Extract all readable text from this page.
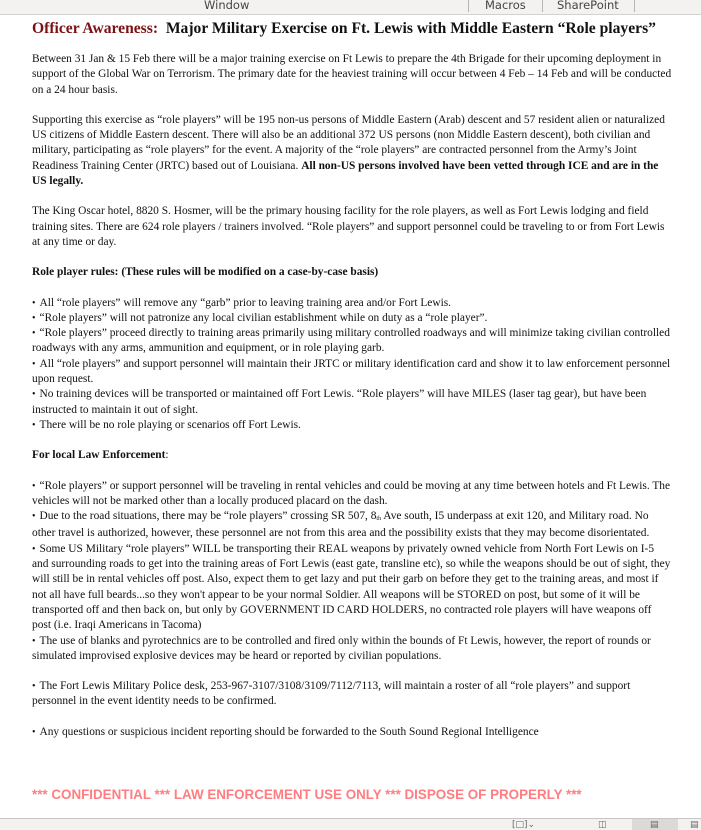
Window	Macros	SharePoint
Officer Awareness: Major Military Exercise on Ft. Lewis with Middle Eastern “Role players”

Between 31 Jan & 15 Feb there will be a major training exercise on Ft Lewis to prepare the 4th Brigade for their upcoming deployment in support of the Global War on Terrorism. The primary date for the heaviest training will occur between 4 Feb – 14 Feb and will be conducted on a 24 hour basis.

Supporting this exercise as “role players” will be 195 non-us persons of Middle Eastern (Arab) descent and 57 resident alien or naturalized US citizens of Middle Eastern descent. There will also be an additional 372 US persons (non Middle Eastern descent), both civilian and military, participating as “role players” for the event. A majority of the “role players” are contracted personnel from the Army’s Joint Readiness Training Center (JRTC) based out of Louisiana. All non-US persons involved have been vetted through ICE and are in the US legally.

The King Oscar hotel, 8820 S. Hosmer, will be the primary housing facility for the role players, as well as Fort Lewis lodging and field training sites. There are 624 role players / trainers involved. “Role players” and support personnel could be traveling to or from Fort Lewis at any time or day.

Role player rules: (These rules will be modified on a case-by-case basis)

• All “role players” will remove any “garb” prior to leaving training area and/or Fort Lewis.

• “Role players” will not patronize any local civilian establishment while on duty as a “role player”.

• “Role players” proceed directly to training areas primarily using military controlled roadways and will minimize taking civilian controlled roadways with any arms, ammunition and equipment, or in role playing garb.

• All “role players” and support personnel will maintain their JRTC or military identification card and show it to law enforcement personnel upon request.

• No training devices will be transported or maintained off Fort Lewis. “Role players” will have MILES (laser tag gear), but have been instructed to maintain it out of sight.

• There will be no role playing or scenarios off Fort Lewis.

For local Law Enforcement:

• “Role players” or support personnel will be traveling in rental vehicles and could be moving at any time between hotels and Ft Lewis. The vehicles will not be marked other than a locally produced placard on the dash.

• Due to the road situations, there may be “role players” crossing SR 507, 8th Ave south, I5 underpass at exit 120, and Military road. No other travel is authorized, however, these personnel are not from this area and the possibility exists that they may become disorientated.

• Some US Military “role players” WILL be transporting their REAL weapons by privately owned vehicle from North Fort Lewis on I-5 and surrounding roads to get into the training areas of Fort Lewis (east gate, transline etc), so while the weapons should be out of sight, they will still be in rental vehicles off post. Also, expect them to get lazy and put their garb on before they get to the training areas, and most if not all have full beards...so they won't appear to be your normal Soldier. All weapons will be STORED on post, but some of it will be transported off and then back on, but only by GOVERNMENT ID CARD HOLDERS, no contracted role players will have weapons off post (i.e. Iraqi Americans in Tacoma)

• The use of blanks and pyrotechnics are to be controlled and fired only within the bounds of Ft Lewis, however, the report of rounds or simulated improvised explosive devices may be heard or reported by civilian populations.

• The Fort Lewis Military Police desk, 253-967-3107/3108/3109/7112/7113, will maintain a roster of all “role players” and support personnel in the event identity needs to be confirmed.

• Any questions or suspicious incident reporting should be forwarded to the South Sound Regional Intelligence

*** CONFIDENTIAL *** LAW ENFORCEMENT USE ONLY *** DISPOSE OF PROPERLY ***
[□]⌄	◫	▤	▤
